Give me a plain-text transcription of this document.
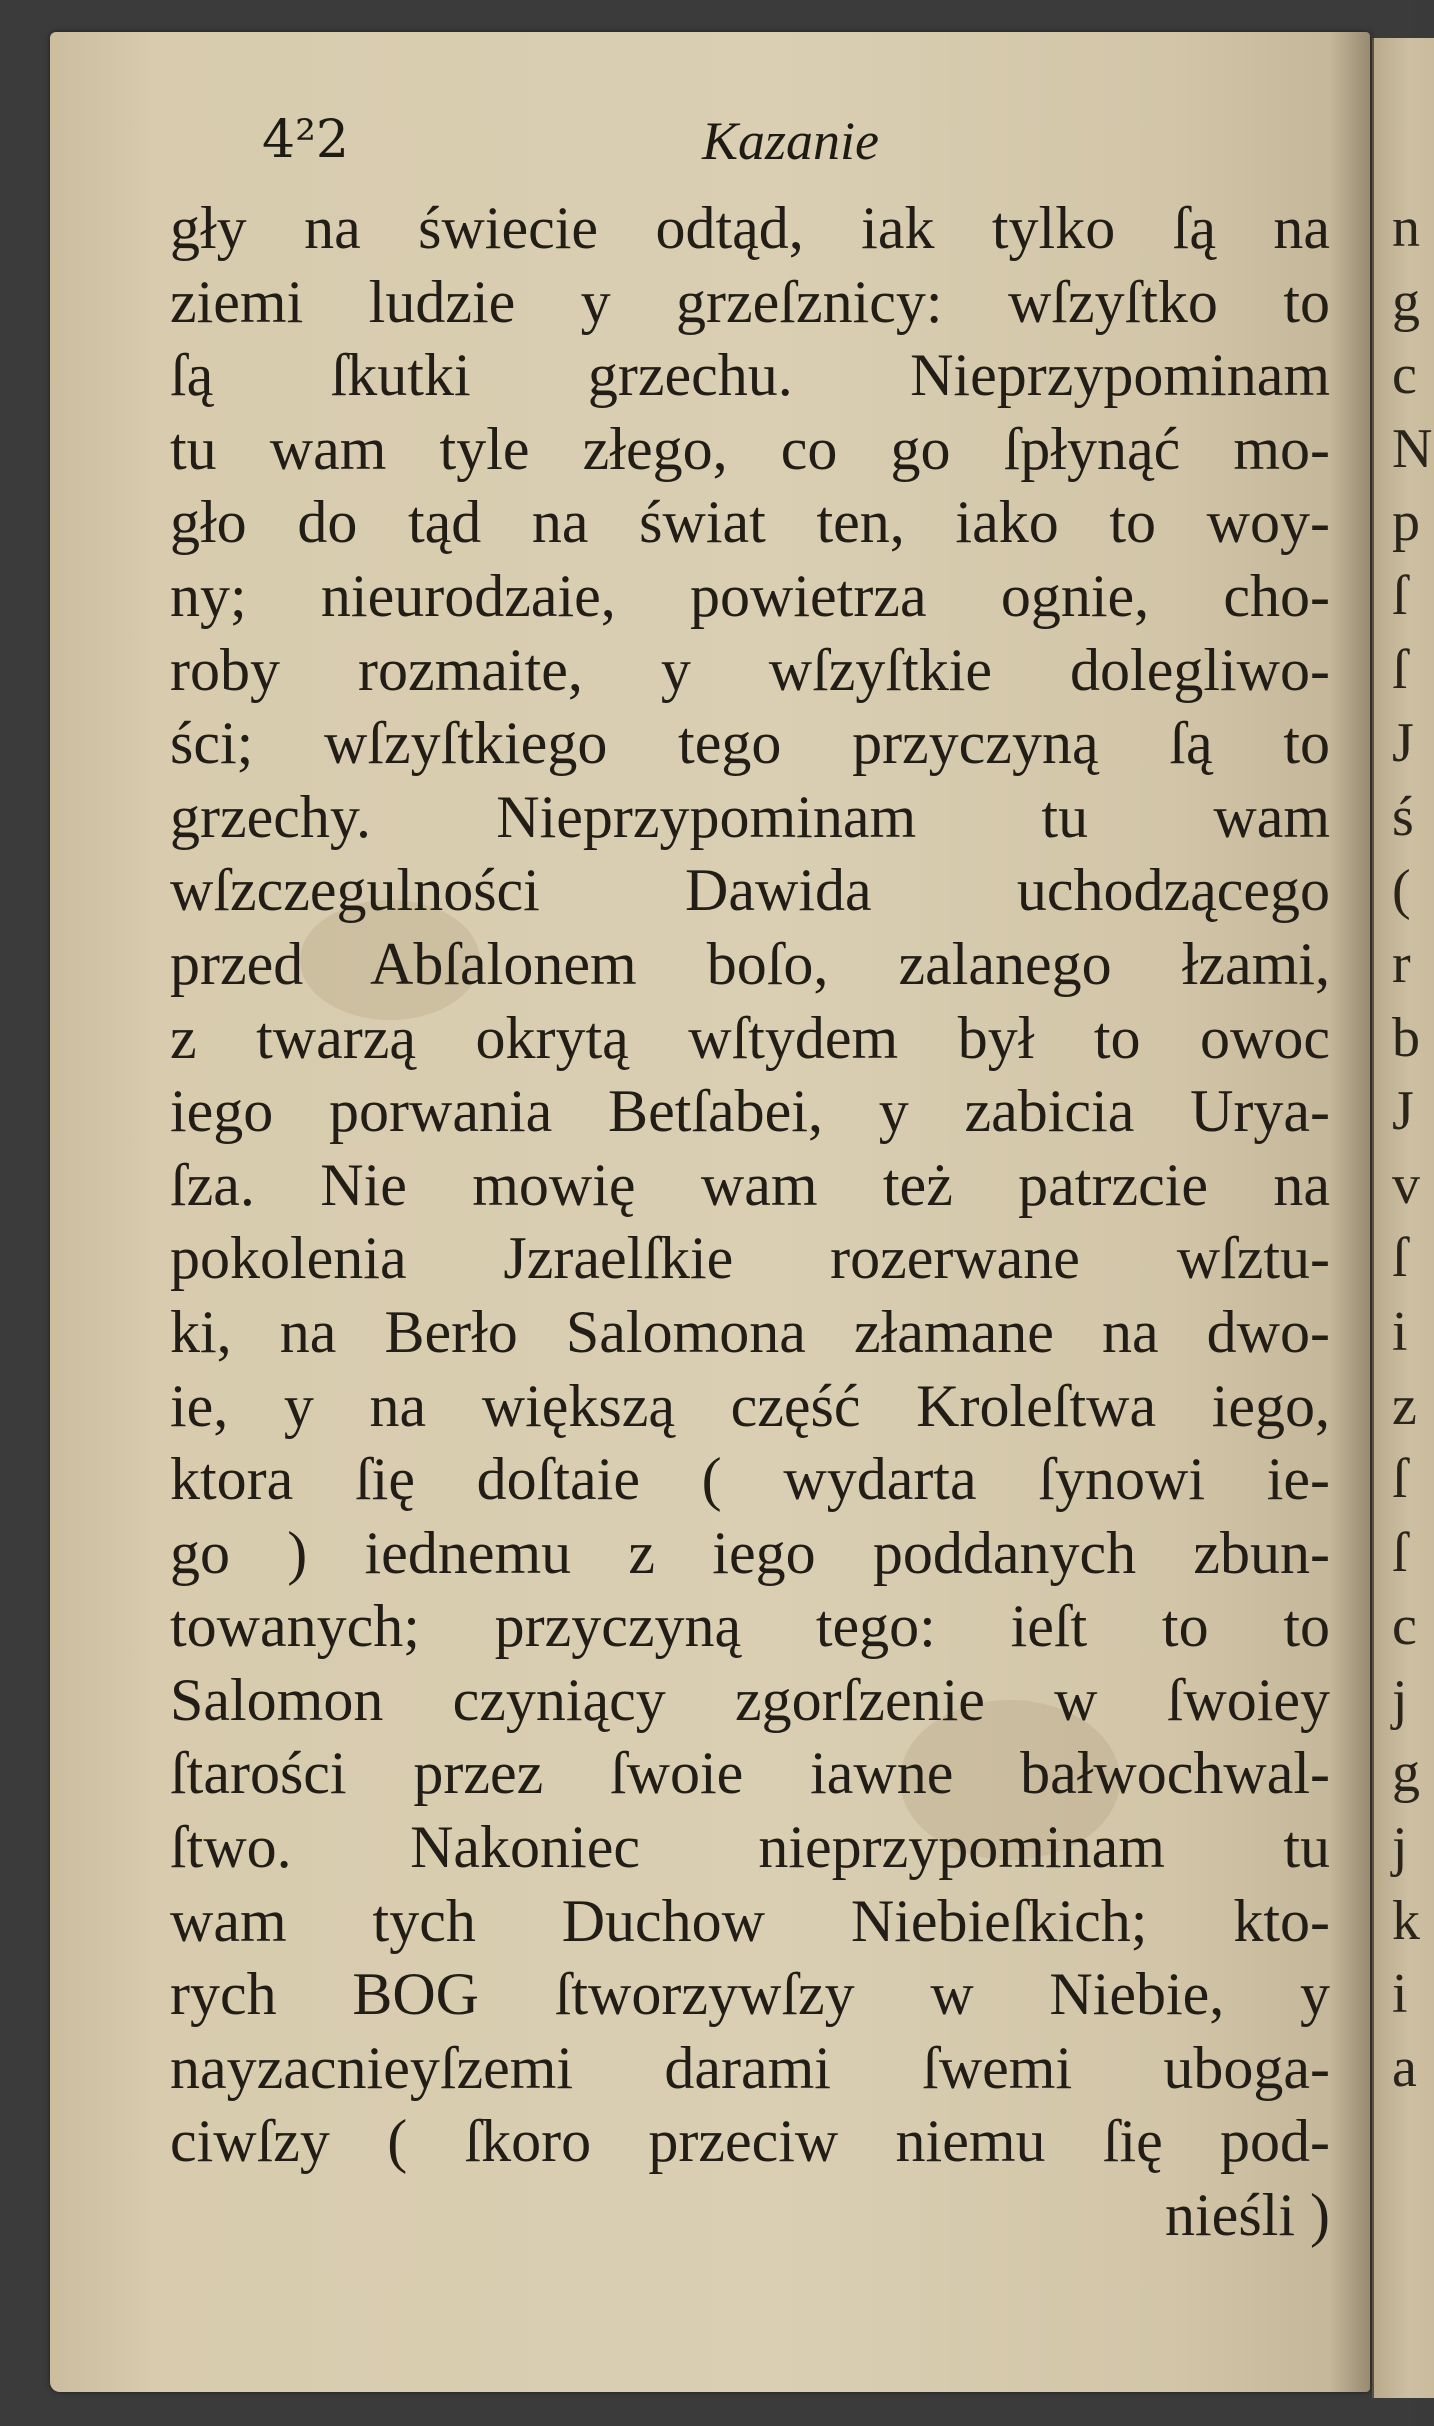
4²2	Kazanie
gły na świecie odtąd, iak tylko ſą na
ziemi ludzie y grzeſznicy: wſzyſtko to
ſą ſkutki grzechu. Nieprzypominam
tu wam tyle złego, co go ſpłynąć mo-
gło do tąd na świat ten, iako to woy-
ny; nieurodzaie, powietrza ognie, cho-
roby rozmaite, y wſzyſtkie dolegliwo-
ści; wſzyſtkiego tego przyczyną ſą to
grzechy. Nieprzypominam tu wam
wſzczegulności Dawida uchodzącego
przed Abſalonem boſo, zalanego łzami,
z twarzą okrytą wſtydem był to owoc
iego porwania Betſabei, y zabicia Urya-
ſza. Nie mowię wam też patrzcie na
pokolenia Jzraelſkie rozerwane wſztu-
ki, na Berło Salomona złamane na dwo-
ie, y na większą część Kroleſtwa iego,
ktora ſię doſtaie ( wydarta ſynowi ie-
go ) iednemu z iego poddanych zbun-
towanych; przyczyną tego: ieſt to to
Salomon czyniący zgorſzenie w ſwoiey
ſtarości przez ſwoie iawne bałwochwal-
ſtwo. Nakoniec nieprzypominam tu
wam tych Duchow Niebieſkich; kto-
rych BOG ſtworzywſzy w Niebie, y
nayzacnieyſzemi darami ſwemi uboga-
ciwſzy ( ſkoro przeciw niemu ſię pod-
nieśli )
n
g
c
N
p
ſ
ſ
J
ś
(
r
b
J
v
ſ
i
z
ſ
ſ
c
j
g
j
k
i
a
